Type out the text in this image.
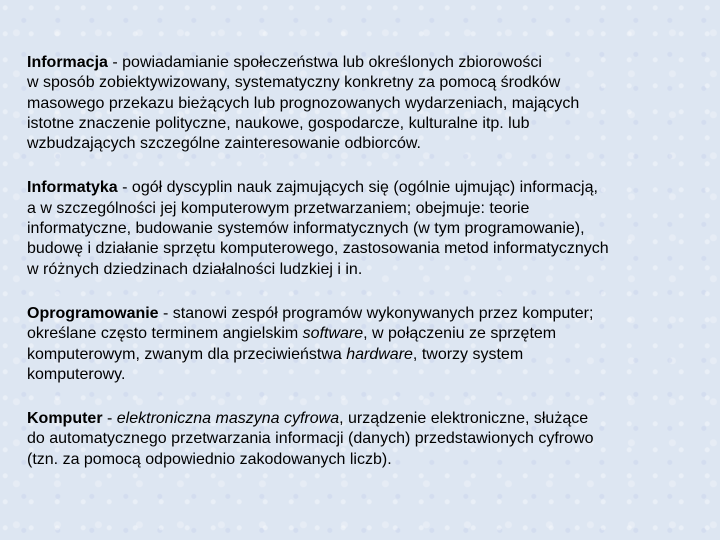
Informacja - powiadamianie społeczeństwa lub określonych zbiorowości
w sposób zobiektywizowany, systematyczny konkretny za pomocą środków
masowego przekazu bieżących lub prognozowanych wydarzeniach, mających
istotne znaczenie polityczne, naukowe, gospodarcze, kulturalne itp. lub
wzbudzających szczególne zainteresowanie odbiorców.

Informatyka - ogół dyscyplin nauk zajmujących się (ogólnie ujmując) informacją,
a w szczególności jej komputerowym przetwarzaniem; obejmuje: teorie
informatyczne, budowanie systemów informatycznych (w tym programowanie),
budowę i działanie sprzętu komputerowego, zastosowania metod informatycznych
w różnych dziedzinach działalności ludzkiej i in.

Oprogramowanie - stanowi zespół programów wykonywanych przez komputer;
określane często terminem angielskim software, w połączeniu ze sprzętem
komputerowym, zwanym dla przeciwieństwa hardware, tworzy system
komputerowy.

Komputer - elektroniczna maszyna cyfrowa, urządzenie elektroniczne, służące
do automatycznego przetwarzania informacji (danych) przedstawionych cyfrowo
(tzn. za pomocą odpowiednio zakodowanych liczb).
